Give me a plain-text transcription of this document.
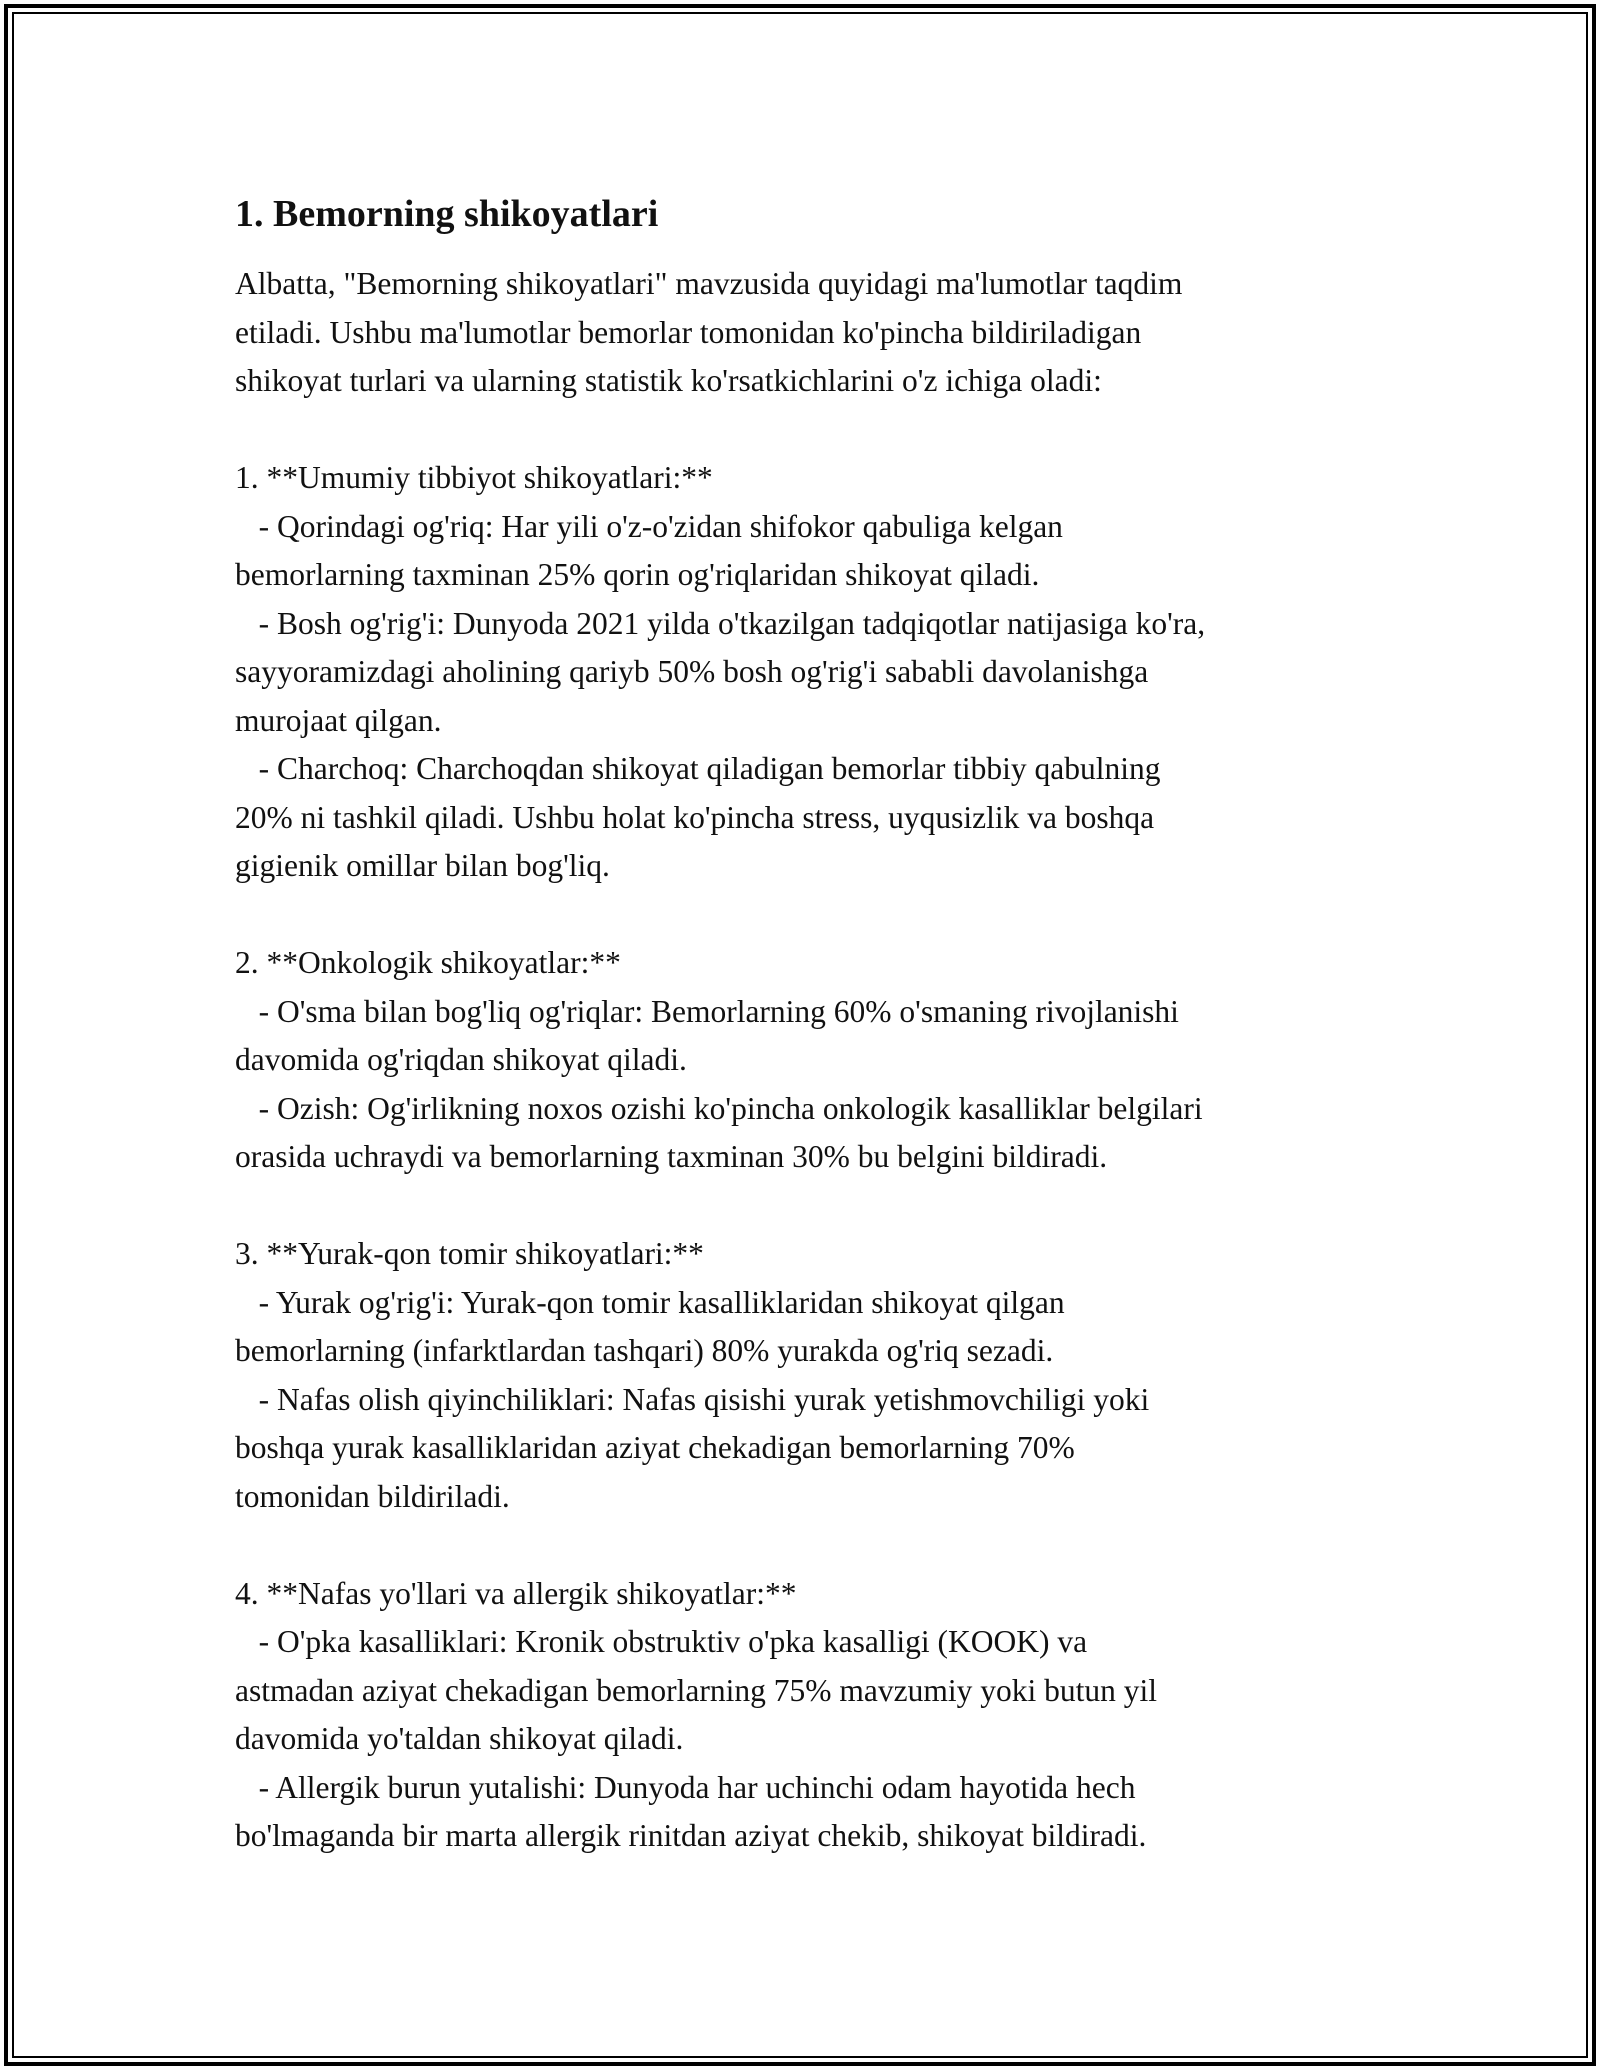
1. Bemorning shikoyatlari

Albatta, "Bemorning shikoyatlari" mavzusida quyidagi ma'lumotlar taqdim
etiladi. Ushbu ma'lumotlar bemorlar tomonidan ko'pincha bildiriladigan
shikoyat turlari va ularning statistik ko'rsatkichlarini o'z ichiga oladi:

1. **Umumiy tibbiyot shikoyatlari:**
- Qorindagi og'riq: Har yili o'z-o'zidan shifokor qabuliga kelgan
bemorlarning taxminan 25% qorin og'riqlaridan shikoyat qiladi.
- Bosh og'rig'i: Dunyoda 2021 yilda o'tkazilgan tadqiqotlar natijasiga ko'ra,
sayyoramizdagi aholining qariyb 50% bosh og'rig'i sababli davolanishga
murojaat qilgan.
- Charchoq: Charchoqdan shikoyat qiladigan bemorlar tibbiy qabulning
20% ni tashkil qiladi. Ushbu holat ko'pincha stress, uyqusizlik va boshqa
gigienik omillar bilan bog'liq.

2. **Onkologik shikoyatlar:**
- O'sma bilan bog'liq og'riqlar: Bemorlarning 60% o'smaning rivojlanishi
davomida og'riqdan shikoyat qiladi.
- Ozish: Og'irlikning noxos ozishi ko'pincha onkologik kasalliklar belgilari
orasida uchraydi va bemorlarning taxminan 30% bu belgini bildiradi.

3. **Yurak-qon tomir shikoyatlari:**
- Yurak og'rig'i: Yurak-qon tomir kasalliklaridan shikoyat qilgan
bemorlarning (infarktlardan tashqari) 80% yurakda og'riq sezadi.
- Nafas olish qiyinchiliklari: Nafas qisishi yurak yetishmovchiligi yoki
boshqa yurak kasalliklaridan aziyat chekadigan bemorlarning 70%
tomonidan bildiriladi.

4. **Nafas yo'llari va allergik shikoyatlar:**
- O'pka kasalliklari: Kronik obstruktiv o'pka kasalligi (KOOK) va
astmadan aziyat chekadigan bemorlarning 75% mavzumiy yoki butun yil
davomida yo'taldan shikoyat qiladi.
- Allergik burun yutalishi: Dunyoda har uchinchi odam hayotida hech
bo'lmaganda bir marta allergik rinitdan aziyat chekib, shikoyat bildiradi.
